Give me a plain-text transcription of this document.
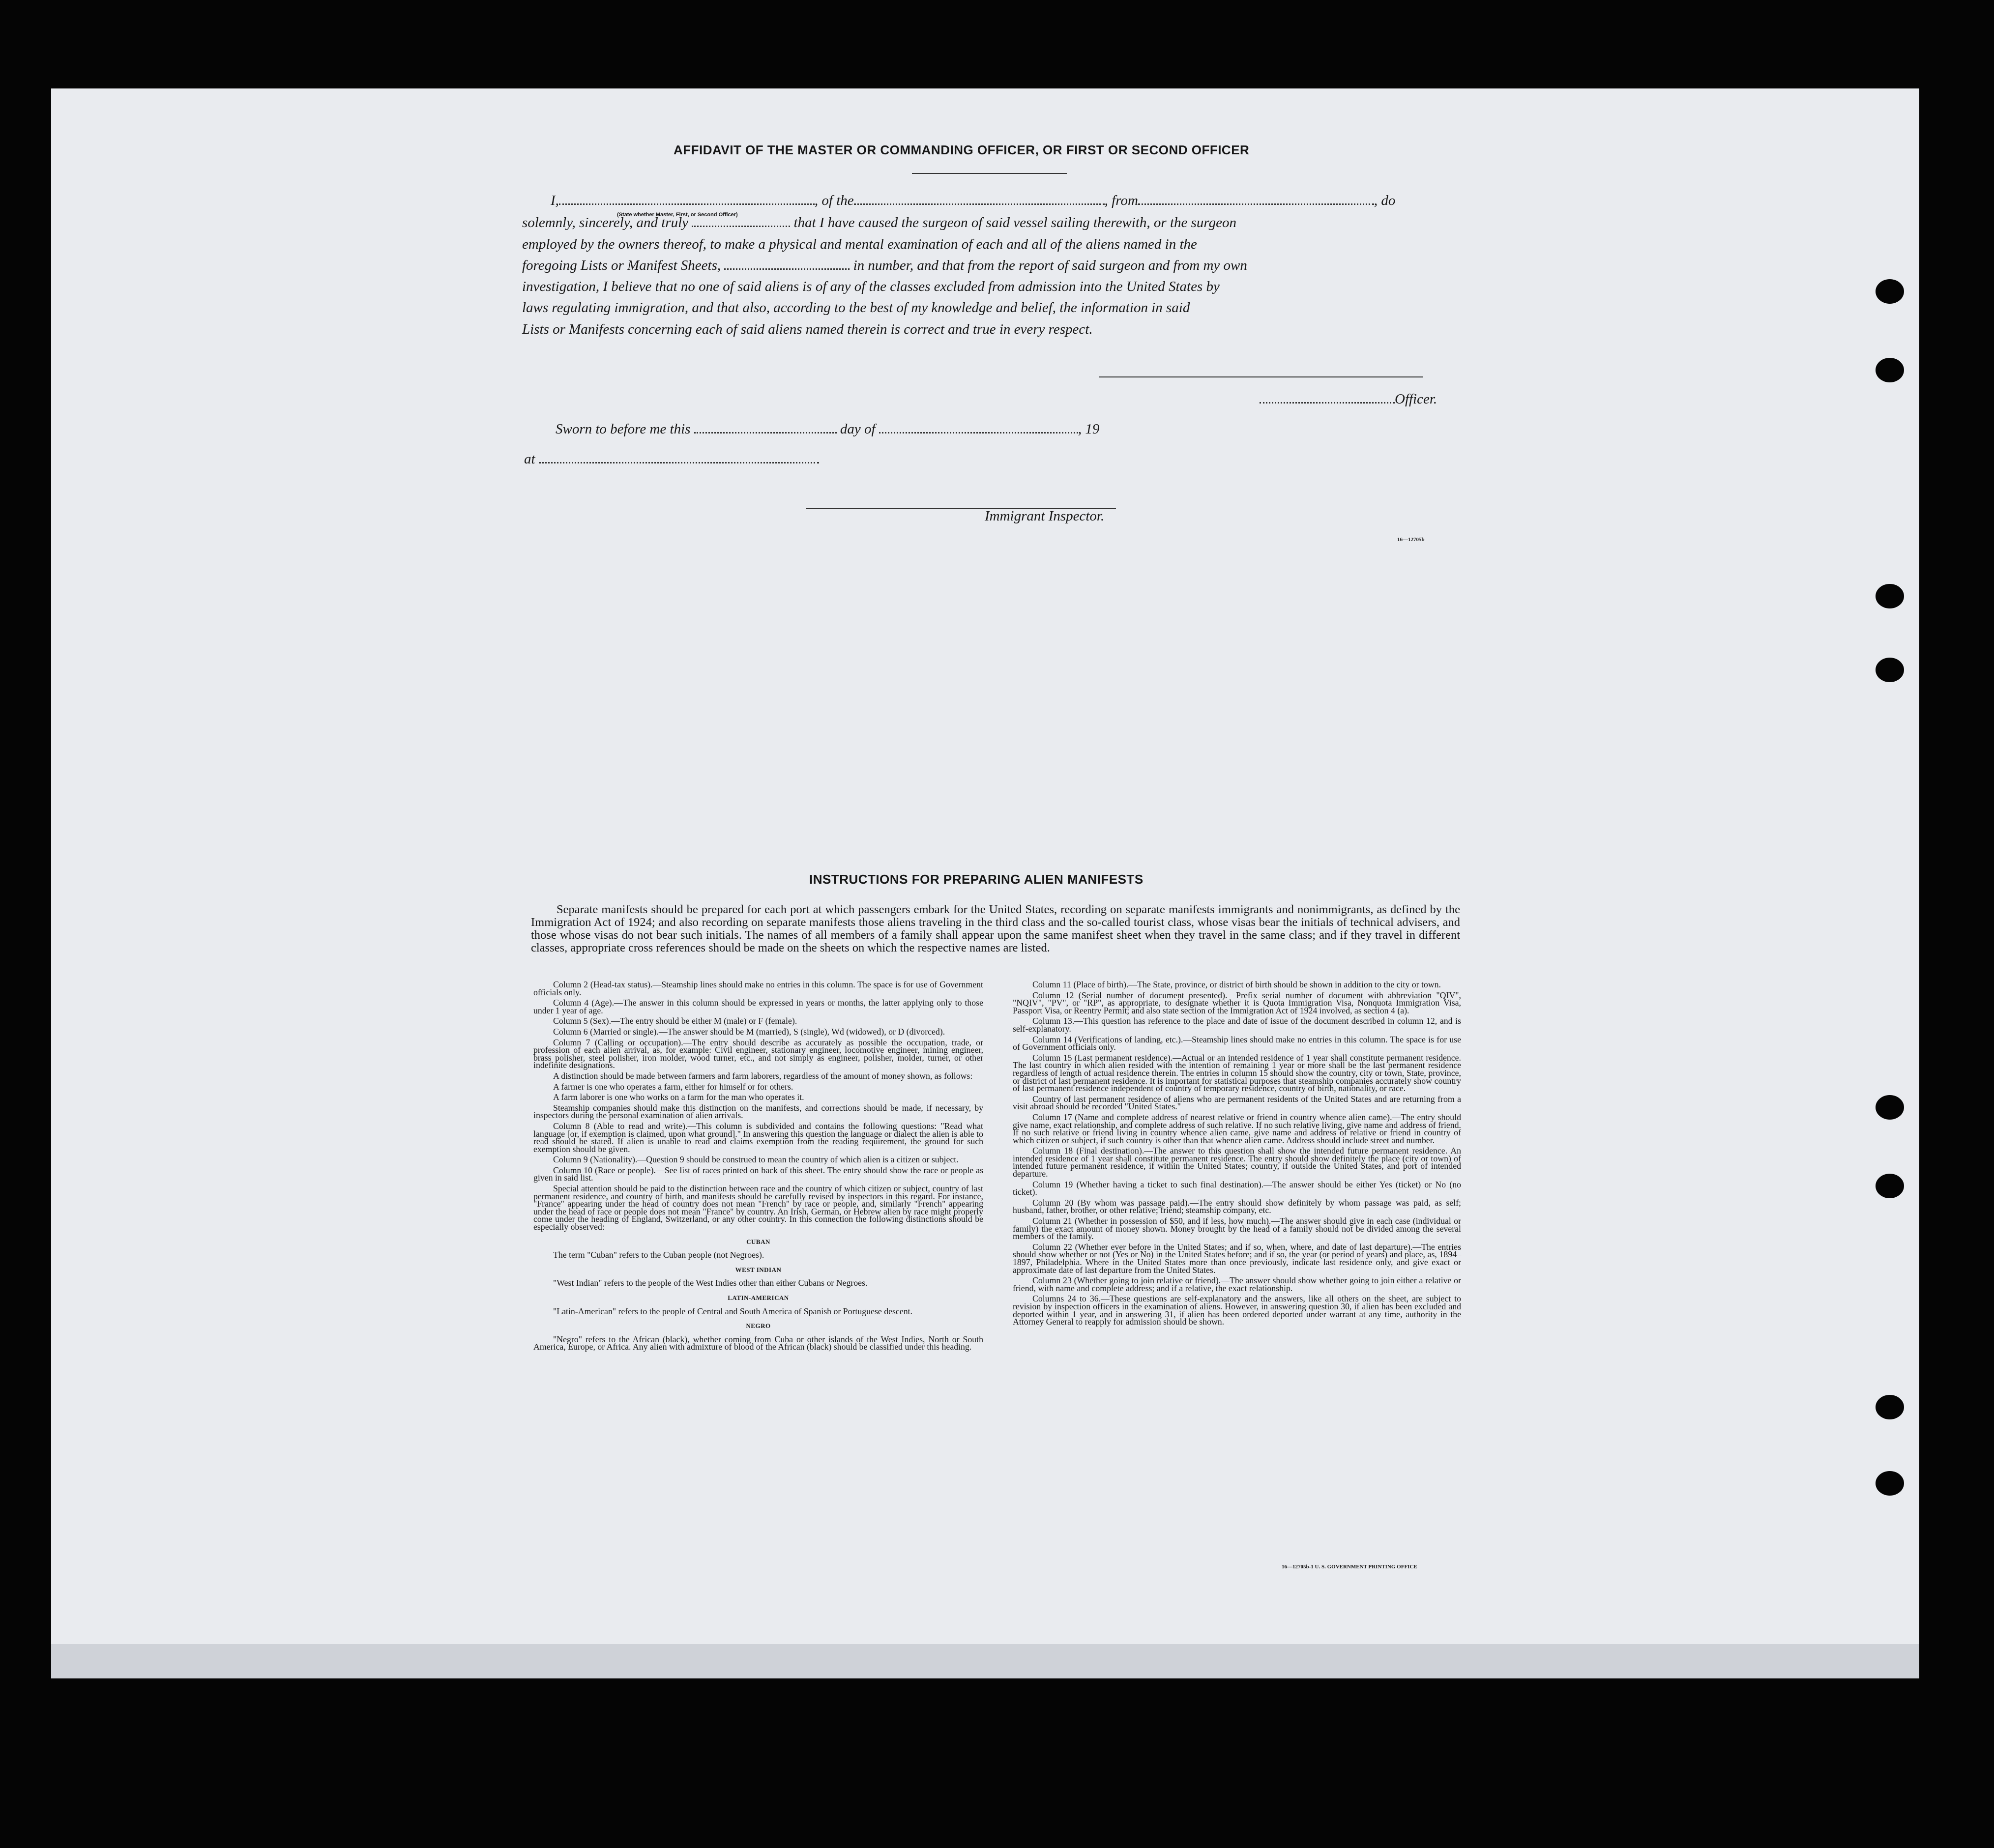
AFFIDAVIT OF THE MASTER OR COMMANDING OFFICER, OR FIRST OR SECOND OFFICER
I,	, of the	, from	, do
(State whether Master, First, or Second Officer)
solemnly, sincerely, and truly	that I have caused the surgeon of said vessel sailing therewith, or the surgeon
employed by the owners thereof, to make a physical and mental examination of each and all of the aliens named in the
foregoing Lists or Manifest Sheets,	in number, and that from the report of said surgeon and from my own
investigation, I believe that no one of said aliens is of any of the classes excluded from admission into the United States by
laws regulating immigration, and that also, according to the best of my knowledge and belief, the information in said
Lists or Manifests concerning each of said aliens named therein is correct and true in every respect.
Officer.
Sworn to before me this	day of	, 19
at
Immigrant Inspector.
16—12705b
INSTRUCTIONS FOR PREPARING ALIEN MANIFESTS

Separate manifests should be prepared for each port at which passengers embark for the United States, recording on separate manifests immigrants and nonimmigrants, as defined by the Immigration Act of 1924; and also recording on separate manifests those aliens traveling in the third class and the so-called tourist class, whose visas bear the initials of technical advisers, and those whose visas do not bear such initials. The names of all members of a family shall appear upon the same manifest sheet when they travel in the same class; and if they travel in different classes, appropriate cross references should be made on the sheets on which the respective names are listed.

Column 2 (Head-tax status).—Steamship lines should make no entries in this column. The space is for use of Government officials only.

Column 4 (Age).—The answer in this column should be expressed in years or months, the latter applying only to those under 1 year of age.

Column 5 (Sex).—The entry should be either M (male) or F (female).

Column 6 (Married or single).—The answer should be M (married), S (single), Wd (widowed), or D (divorced).

Column 7 (Calling or occupation).—The entry should describe as accurately as possible the occupation, trade, or profession of each alien arrival, as, for example: Civil engineer, stationary engineer, locomotive engineer, mining engineer, brass polisher, steel polisher, iron molder, wood turner, etc., and not simply as engineer, polisher, molder, turner, or other indefinite designations.

A distinction should be made between farmers and farm laborers, regardless of the amount of money shown, as follows:

A farmer is one who operates a farm, either for himself or for others.

A farm laborer is one who works on a farm for the man who operates it.

Steamship companies should make this distinction on the manifests, and corrections should be made, if necessary, by inspectors during the personal examination of alien arrivals.

Column 8 (Able to read and write).—This column is subdivided and contains the following questions: "Read what language [or, if exemption is claimed, upon what ground]." In answering this question the language or dialect the alien is able to read should be stated. If alien is unable to read and claims exemption from the reading requirement, the ground for such exemption should be given.

Column 9 (Nationality).—Question 9 should be construed to mean the country of which alien is a citizen or subject.

Column 10 (Race or people).—See list of races printed on back of this sheet. The entry should show the race or people as given in said list.

Special attention should be paid to the distinction between race and the country of which citizen or subject, country of last permanent residence, and country of birth, and manifests should be carefully revised by inspectors in this regard. For instance, "France" appearing under the head of country does not mean "French" by race or people, and, similarly "French" appearing under the head of race or people does not mean "France" by country. An Irish, German, or Hebrew alien by race might properly come under the heading of England, Switzerland, or any other country. In this connection the following distinctions should be especially observed:

CUBAN

The term "Cuban" refers to the Cuban people (not Negroes).

WEST INDIAN

"West Indian" refers to the people of the West Indies other than either Cubans or Negroes.

LATIN-AMERICAN

"Latin-American" refers to the people of Central and South America of Spanish or Portuguese descent.

NEGRO

"Negro" refers to the African (black), whether coming from Cuba or other islands of the West Indies, North or South America, Europe, or Africa. Any alien with admixture of blood of the African (black) should be classified under this heading.

Column 11 (Place of birth).—The State, province, or district of birth should be shown in addition to the city or town.

Column 12 (Serial number of document presented).—Prefix serial number of document with abbreviation "QIV", "NQIV", "PV", or "RP", as appropriate, to designate whether it is Quota Immigration Visa, Nonquota Immigration Visa, Passport Visa, or Reentry Permit; and also state section of the Immigration Act of 1924 involved, as section 4 (a).

Column 13.—This question has reference to the place and date of issue of the document described in column 12, and is self-explanatory.

Column 14 (Verifications of landing, etc.).—Steamship lines should make no entries in this column. The space is for use of Government officials only.

Column 15 (Last permanent residence).—Actual or an intended residence of 1 year shall constitute permanent residence. The last country in which alien resided with the intention of remaining 1 year or more shall be the last permanent residence regardless of length of actual residence therein. The entries in column 15 should show the country, city or town, State, province, or district of last permanent residence. It is important for statistical purposes that steamship companies accurately show country of last permanent residence independent of country of temporary residence, country of birth, nationality, or race.

Country of last permanent residence of aliens who are permanent residents of the United States and are returning from a visit abroad should be recorded "United States."

Column 17 (Name and complete address of nearest relative or friend in country whence alien came).—The entry should give name, exact relationship, and complete address of such relative. If no such relative living, give name and address of friend. If no such relative or friend living in country whence alien came, give name and address of relative or friend in country of which citizen or subject, if such country is other than that whence alien came. Address should include street and number.

Column 18 (Final destination).—The answer to this question shall show the intended future permanent residence. An intended residence of 1 year shall constitute permanent residence. The entry should show definitely the place (city or town) of intended future permanent residence, if within the United States; country, if outside the United States, and port of intended departure.

Column 19 (Whether having a ticket to such final destination).—The answer should be either Yes (ticket) or No (no ticket).

Column 20 (By whom was passage paid).—The entry should show definitely by whom passage was paid, as self; husband, father, brother, or other relative; friend; steamship company, etc.

Column 21 (Whether in possession of $50, and if less, how much).—The answer should give in each case (individual or family) the exact amount of money shown. Money brought by the head of a family should not be divided among the several members of the family.

Column 22 (Whether ever before in the United States; and if so, when, where, and date of last departure).—The entries should show whether or not (Yes or No) in the United States before; and if so, the year (or period of years) and place, as, 1894–1897, Philadelphia. Where in the United States more than once previously, indicate last residence only, and give exact or approximate date of last departure from the United States.

Column 23 (Whether going to join relative or friend).—The answer should show whether going to join either a relative or friend, with name and complete address; and if a relative, the exact relationship.

Columns 24 to 36.—These questions are self-explanatory and the answers, like all others on the sheet, are subject to revision by inspection officers in the examination of aliens. However, in answering question 30, if alien has been excluded and deported within 1 year, and in answering 31, if alien has been ordered deported under warrant at any time, authority in the Attorney General to reapply for admission should be shown.

16—12705b-1 U. S. GOVERNMENT PRINTING OFFICE
